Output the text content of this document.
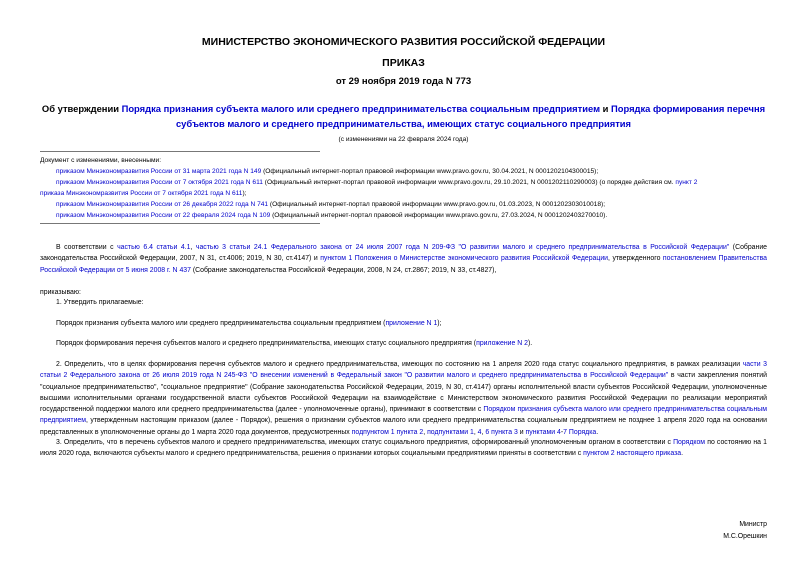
МИНИСТЕРСТВО ЭКОНОМИЧЕСКОГО РАЗВИТИЯ РОССИЙСКОЙ ФЕДЕРАЦИИ
ПРИКАЗ
от 29 ноября 2019 года N 773
Об утверждении Порядка признания субъекта малого или среднего предпринимательства социальным предприятием и Порядка формирования перечня субъектов малого и среднего предпринимательства, имеющих статус социального предприятия
(с изменениями на 22 февраля 2024 года)
Документ с изменениями, внесенными:
приказом Минэкономразвития России от 31 марта 2021 года N 149 (Официальный интернет-портал правовой информации www.pravo.gov.ru, 30.04.2021, N 0001202104300015);
приказом Минэкономразвития России от 7 октября 2021 года N 611 (Официальный интернет-портал правовой информации www.pravo.gov.ru, 29.10.2021, N 0001202110290003) (о порядке действия см. пункт 2
приказа Минэкономразвития России от 7 октября 2021 года N 611);
приказом Минэкономразвития России от 26 декабря 2022 года N 741 (Официальный интернет-портал правовой информации www.pravo.gov.ru, 01.03.2023, N 0001202303010018);
приказом Минэкономразвития России от 22 февраля 2024 года N 109 (Официальный интернет-портал правовой информации www.pravo.gov.ru, 27.03.2024, N 0001202403270010).
В соответствии с частью 6.4 статьи 4.1, частью 3 статьи 24.1 Федерального закона от 24 июля 2007 года N 209-ФЗ "О развитии малого и среднего предпринимательства в Российской Федерации" (Собрание законодательства Российской Федерации, 2007, N 31, ст.4006; 2019, N 30, ст.4147) и пунктом 1 Положения о Министерстве экономического развития Российской Федерации, утвержденного постановлением Правительства Российской Федерации от 5 июня 2008 г. N 437 (Собрание законодательства Российской Федерации, 2008, N 24, ст.2867; 2019, N 33, ст.4827),
приказываю:
1. Утвердить прилагаемые:
Порядок признания субъекта малого или среднего предпринимательства социальным предприятием (приложение N 1);
Порядок формирования перечня субъектов малого и среднего предпринимательства, имеющих статус социального предприятия (приложение N 2).
2. Определить, что в целях формирования перечня субъектов малого и среднего предпринимательства, имеющих по состоянию на 1 апреля 2020 года статус социального предприятия, в рамках реализации части 3 статьи 2 Федерального закона от 26 июля 2019 года N 245-ФЗ "О внесении изменений в Федеральный закон "О развитии малого и среднего предпринимательства в Российской Федерации" в части закрепления понятий "социальное предпринимательство", "социальное предприятие" (Собрание законодательства Российской Федерации, 2019, N 30, ст.4147) органы исполнительной власти субъектов Российской Федерации, уполномоченные высшими исполнительными органами государственной власти субъектов Российской Федерации на взаимодействие с Министерством экономического развития Российской Федерации по реализации мероприятий государственной поддержки малого или среднего предпринимательства (далее - уполномоченные органы), принимают в соответствии с Порядком признания субъекта малого или среднего предпринимательства социальным предприятием, утвержденным настоящим приказом (далее - Порядок), решения о признании субъектов малого или среднего предпринимательства социальным предприятием не позднее 1 апреля 2020 года на основании представленных в уполномоченные органы до 1 марта 2020 года документов, предусмотренных подпунктом 1 пункта 2, подпунктами 1, 4, 6 пункта 3 и пунктами 4-7 Порядка.
3. Определить, что в перечень субъектов малого и среднего предпринимательства, имеющих статус социального предприятия, сформированный уполномоченным органом в соответствии с Порядком по состоянию на 1 июля 2020 года, включаются субъекты малого и среднего предпринимательства, решения о признании которых социальными предприятиями приняты в соответствии с пунктом 2 настоящего приказа.
Министр
М.С.Орешкин
